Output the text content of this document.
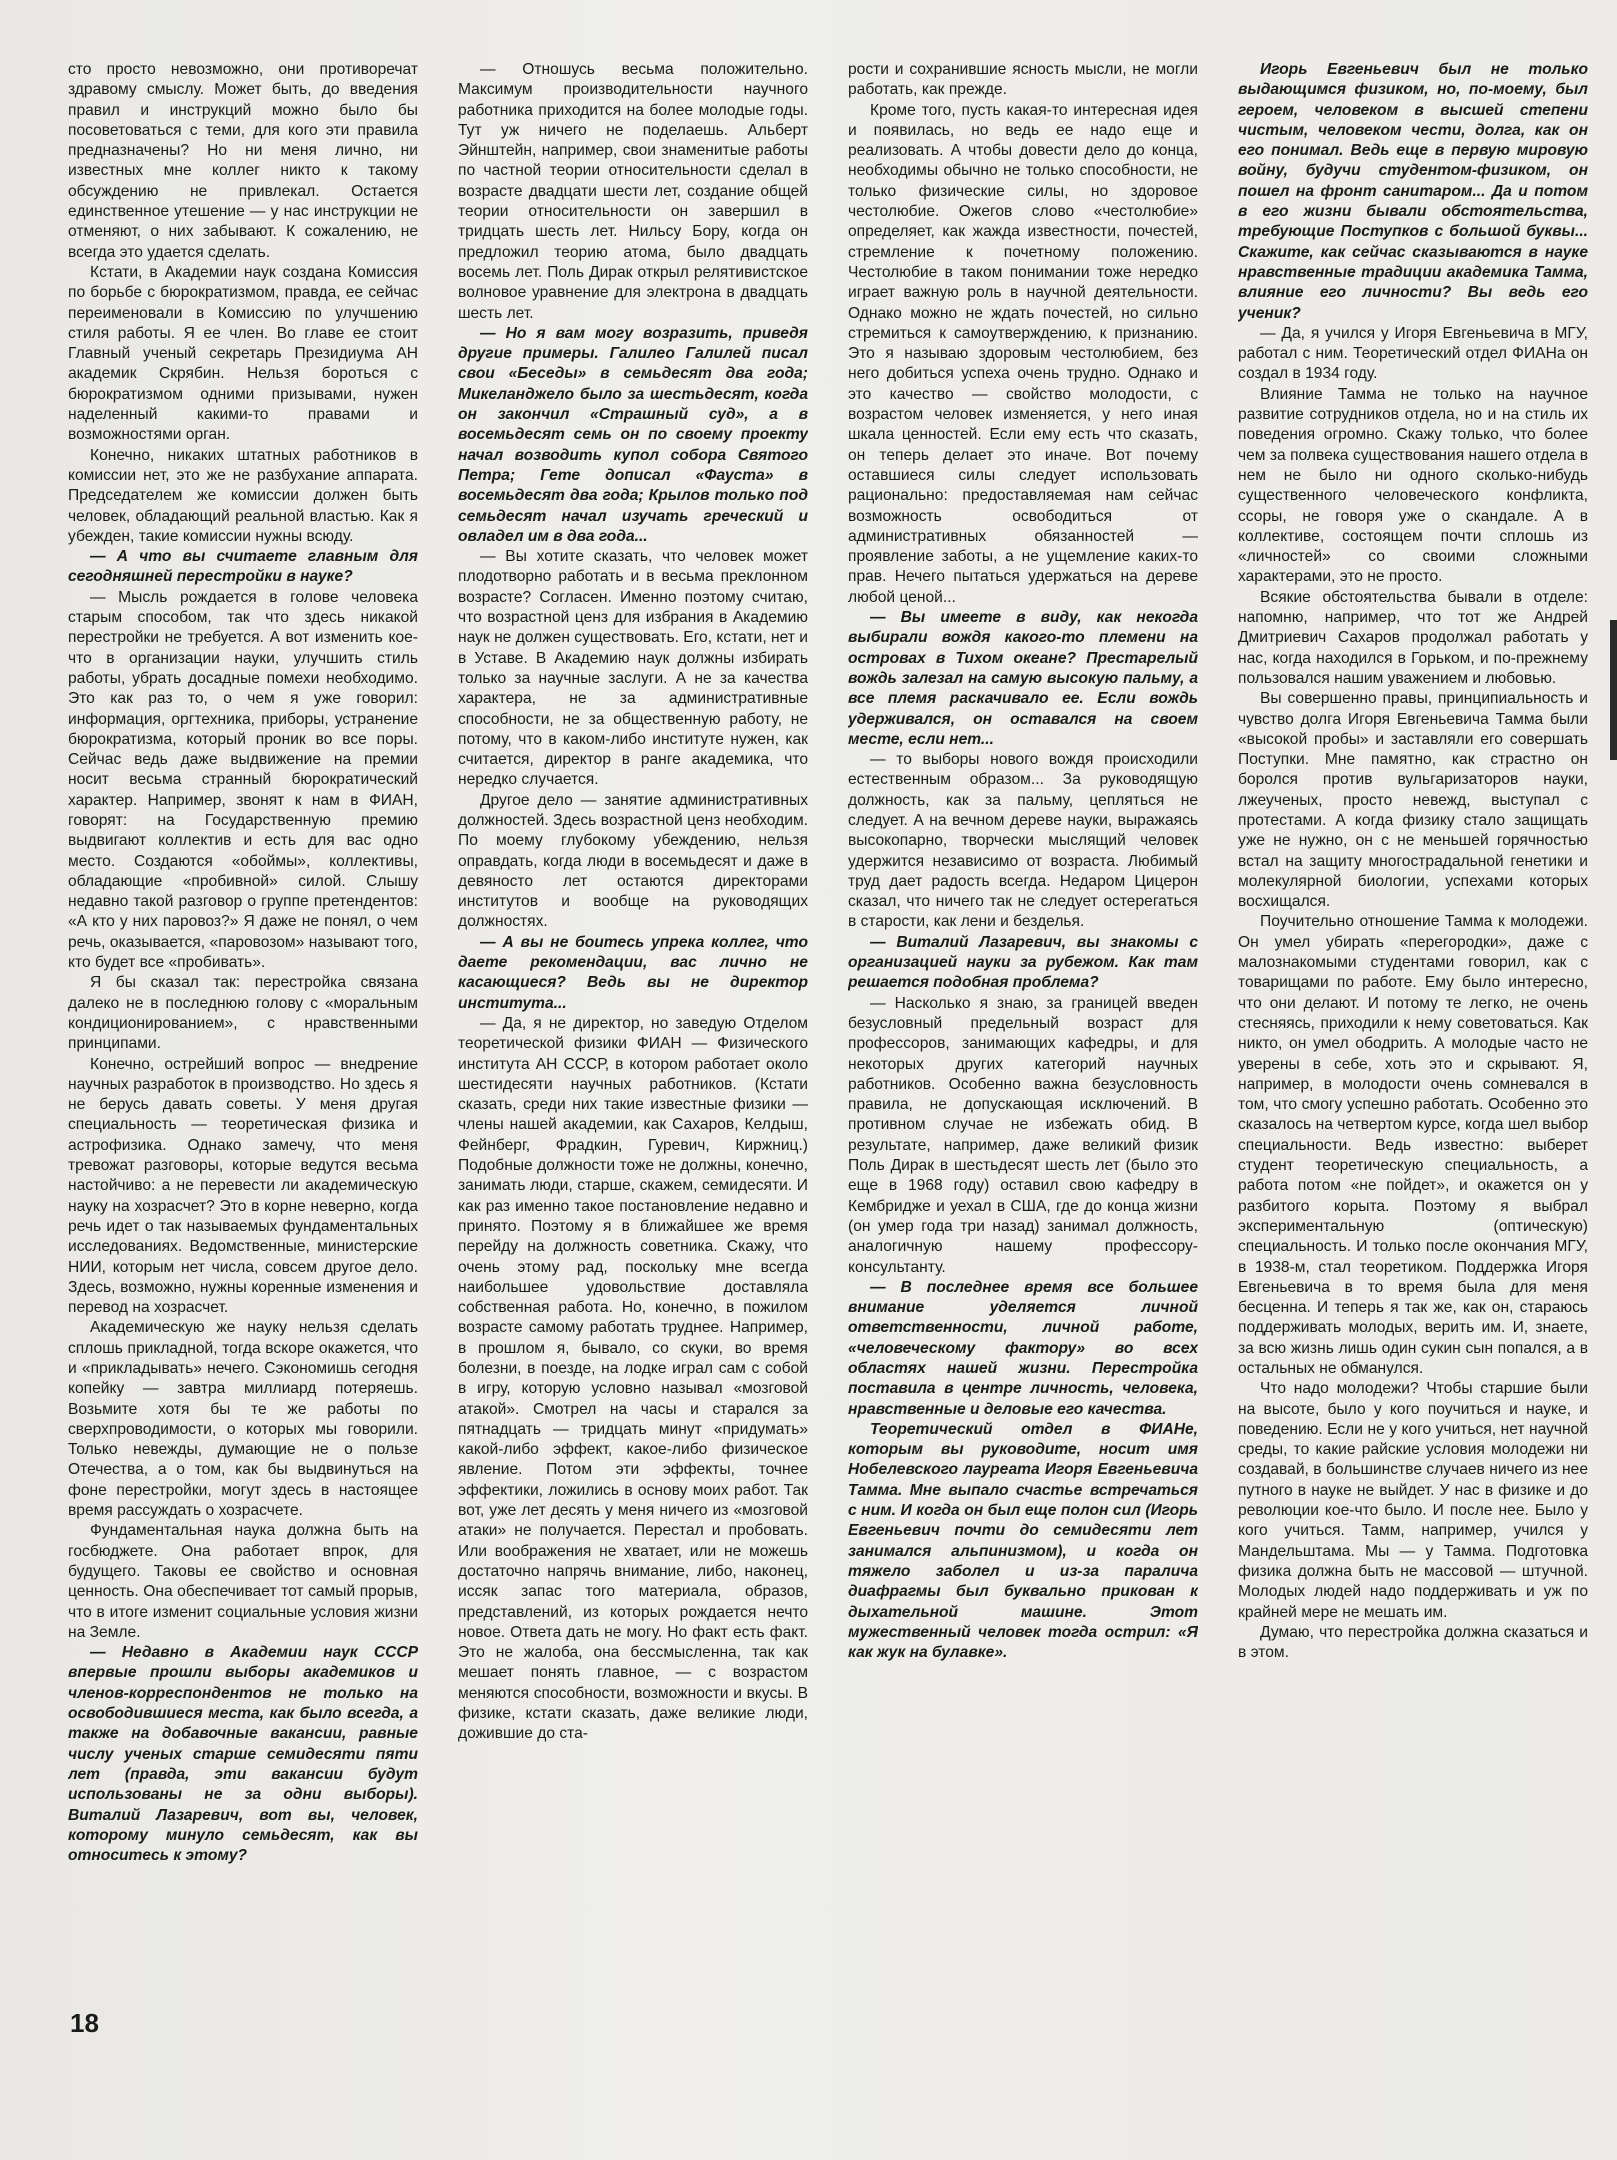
сто просто невозможно, они противоречат здравому смыслу. Может быть, до введения правил и инструкций можно было бы посоветоваться с теми, для кого эти правила предназначены? Но ни меня лично, ни известных мне коллег никто к такому обсуждению не привлекал. Остается единственное утешение — у нас инструкции не отменяют, о них забывают. К сожалению, не всегда это удается сделать.

Кстати, в Академии наук создана Комиссия по борьбе с бюрократизмом, правда, ее сейчас переименовали в Комиссию по улучшению стиля работы. Я ее член. Во главе ее стоит Главный ученый секретарь Президиума АН академик Скрябин. Нельзя бороться с бюрократизмом одними призывами, нужен наделенный какими-то правами и возможностями орган.

Конечно, никаких штатных работников в комиссии нет, это же не разбухание аппарата. Председателем же комиссии должен быть человек, обладающий реальной властью. Как я убежден, такие комиссии нужны всюду.

— А что вы считаете главным для сегодняшней перестройки в науке?

— Мысль рождается в голове человека старым способом, так что здесь никакой перестройки не требуется. А вот изменить кое-что в организации науки, улучшить стиль работы, убрать досадные помехи необходимо. Это как раз то, о чем я уже говорил: информация, оргтехника, приборы, устранение бюрократизма, который проник во все поры. Сейчас ведь даже выдвижение на премии носит весьма странный бюрократический характер. Например, звонят к нам в ФИАН, говорят: на Государственную премию выдвигают коллектив и есть для вас одно место. Создаются «обоймы», коллективы, обладающие «пробивной» силой. Слышу недавно такой разговор о группе претендентов: «А кто у них паровоз?» Я даже не понял, о чем речь, оказывается, «паровозом» называют того, кто будет все «пробивать».

Я бы сказал так: перестройка связана далеко не в последнюю голову с «моральным кондиционированием», с нравственными принципами.

Конечно, острейший вопрос — внедрение научных разработок в производство. Но здесь я не берусь давать советы. У меня другая специальность — теоретическая физика и астрофизика. Однако замечу, что меня тревожат разговоры, которые ведутся весьма настойчиво: а не перевести ли академическую науку на хозрасчет? Это в корне неверно, когда речь идет о так называемых фундаментальных исследованиях. Ведомственные, министерские НИИ, которым нет числа, совсем другое дело. Здесь, возможно, нужны коренные изменения и перевод на хозрасчет.

Академическую же науку нельзя сделать сплошь прикладной, тогда вскоре окажется, что и «прикладывать» нечего. Сэкономишь сегодня копейку — завтра миллиард потеряешь. Возьмите хотя бы те же работы по сверхпроводимости, о которых мы говорили. Только невежды, думающие не о пользе Отечества, а о том, как бы выдвинуться на фоне перестройки, могут здесь в настоящее время рассуждать о хозрасчете.

Фундаментальная наука должна быть на госбюджете. Она работает впрок, для будущего. Таковы ее свойство и основная ценность. Она обеспечивает тот самый прорыв, что в итоге изменит социальные условия жизни на Земле.

— Недавно в Академии наук СССР впервые прошли выборы академиков и членов-корреспондентов не только на освободившиеся места, как было всегда, а также на добавочные вакансии, равные числу ученых старше семидесяти пяти лет (правда, эти вакансии будут использованы не за одни выборы). Виталий Лазаревич, вот вы, человек, которому минуло семьдесят, как вы относитесь к этому?

— Отношусь весьма положительно. Максимум производительности научного работника приходится на более молодые годы. Тут уж ничего не поделаешь. Альберт Эйнштейн, например, свои знаменитые работы по частной теории относительности сделал в возрасте двадцати шести лет, создание общей теории относительности он завершил в тридцать шесть лет. Нильсу Бору, когда он предложил теорию атома, было двадцать восемь лет. Поль Дирак открыл релятивистское волновое уравнение для электрона в двадцать шесть лет.

— Но я вам могу возразить, приведя другие примеры. Галилео Галилей писал свои «Беседы» в семьдесят два года; Микеланджело было за шестьдесят, когда он закончил «Страшный суд», а в восемьдесят семь он по своему проекту начал возводить купол собора Святого Петра; Гете дописал «Фауста» в восемьдесят два года; Крылов только под семьдесят начал изучать греческий и овладел им в два года...

— Вы хотите сказать, что человек может плодотворно работать и в весьма преклонном возрасте? Согласен. Именно поэтому считаю, что возрастной ценз для избрания в Академию наук не должен существовать. Его, кстати, нет и в Уставе. В Академию наук должны избирать только за научные заслуги. А не за качества характера, не за административные способности, не за общественную работу, не потому, что в каком-либо институте нужен, как считается, директор в ранге академика, что нередко случается.

Другое дело — занятие административных должностей. Здесь возрастной ценз необходим. По моему глубокому убеждению, нельзя оправдать, когда люди в восемьдесят и даже в девяносто лет остаются директорами институтов и вообще на руководящих должностях.

— А вы не боитесь упрека коллег, что даете рекомендации, вас лично не касающиеся? Ведь вы не директор института...

— Да, я не директор, но заведую Отделом теоретической физики ФИАН — Физического института АН СССР, в котором работает около шестидесяти научных работников. (Кстати сказать, среди них такие известные физики — члены нашей академии, как Сахаров, Келдыш, Фейнберг, Фрадкин, Гуревич, Киржниц.) Подобные должности тоже не должны, конечно, занимать люди, старше, скажем, семидесяти. И как раз именно такое постановление недавно и принято. Поэтому я в ближайшее же время перейду на должность советника. Скажу, что очень этому рад, поскольку мне всегда наибольшее удовольствие доставляла собственная работа. Но, конечно, в пожилом возрасте самому работать труднее. Например, в прошлом я, бывало, со скуки, во время болезни, в поезде, на лодке играл сам с собой в игру, которую условно называл «мозговой атакой». Смотрел на часы и старался за пятнадцать — тридцать минут «придумать» какой-либо эффект, какое-либо физическое явление. Потом эти эффекты, точнее эффектики, ложились в основу моих работ. Так вот, уже лет десять у меня ничего из «мозговой атаки» не получается. Перестал и пробовать. Или воображения не хватает, или не можешь достаточно напрячь внимание, либо, наконец, иссяк запас того материала, образов, представлений, из которых рождается нечто новое. Ответа дать не могу. Но факт есть факт. Это не жалоба, она бессмысленна, так как мешает понять главное, — с возрастом меняются способности, возможности и вкусы. В физике, кстати сказать, даже великие люди, дожившие до ста-

рости и сохранившие ясность мысли, не могли работать, как прежде.

Кроме того, пусть какая-то интересная идея и появилась, но ведь ее надо еще и реализовать. А чтобы довести дело до конца, необходимы обычно не только способности, не только физические силы, но здоровое честолюбие. Ожегов слово «честолюбие» определяет, как жажда известности, почестей, стремление к почетному положению. Честолюбие в таком понимании тоже нередко играет важную роль в научной деятельности. Однако можно не ждать почестей, но сильно стремиться к самоутверждению, к признанию. Это я называю здоровым честолюбием, без него добиться успеха очень трудно. Однако и это качество — свойство молодости, с возрастом человек изменяется, у него иная шкала ценностей. Если ему есть что сказать, он теперь делает это иначе. Вот почему оставшиеся силы следует использовать рационально: предоставляемая нам сейчас возможность освободиться от административных обязанностей — проявление заботы, а не ущемление каких-то прав. Нечего пытаться удержаться на дереве любой ценой...

— Вы имеете в виду, как некогда выбирали вождя какого-то племени на островах в Тихом океане? Престарелый вождь залезал на самую высокую пальму, а все племя раскачивало ее. Если вождь удерживался, он оставался на своем месте, если нет...

— то выборы нового вождя происходили естественным образом... За руководящую должность, как за пальму, цепляться не следует. А на вечном дереве науки, выражаясь высокопарно, творчески мыслящий человек удержится независимо от возраста. Любимый труд дает радость всегда. Недаром Цицерон сказал, что ничего так не следует остерегаться в старости, как лени и безделья.

— Виталий Лазаревич, вы знакомы с организацией науки за рубежом. Как там решается подобная проблема?

— Насколько я знаю, за границей введен безусловный предельный возраст для профессоров, занимающих кафедры, и для некоторых других категорий научных работников. Особенно важна безусловность правила, не допускающая исключений. В противном случае не избежать обид. В результате, например, даже великий физик Поль Дирак в шестьдесят шесть лет (было это еще в 1968 году) оставил свою кафедру в Кембридже и уехал в США, где до конца жизни (он умер года три назад) занимал должность, аналогичную нашему профессору-консультанту.

— В последнее время все большее внимание уделяется личной ответственности, личной работе, «человеческому фактору» во всех областях нашей жизни. Перестройка поставила в центре личность, человека, нравственные и деловые его качества.

Теоретический отдел в ФИАНе, которым вы руководите, носит имя Нобелевского лауреата Игоря Евгеньевича Тамма. Мне выпало счастье встречаться с ним. И когда он был еще полон сил (Игорь Евгеньевич почти до семидесяти лет занимался альпинизмом), и когда он тяжело заболел и из-за паралича диафрагмы был буквально прикован к дыхательной машине. Этот мужественный человек тогда острил: «Я как жук на булавке».

Игорь Евгеньевич был не только выдающимся физиком, но, по-моему, был героем, человеком в высшей степени чистым, человеком чести, долга, как он его понимал. Ведь еще в первую мировую войну, будучи студентом-физиком, он пошел на фронт санитаром... Да и потом в его жизни бывали обстоятельства, требующие Поступков с большой буквы... Скажите, как сейчас сказываются в науке нравственные традиции академика Тамма, влияние его личности? Вы ведь его ученик?

— Да, я учился у Игоря Евгеньевича в МГУ, работал с ним. Теоретический отдел ФИАНа он создал в 1934 году.

Влияние Тамма не только на научное развитие сотрудников отдела, но и на стиль их поведения огромно. Скажу только, что более чем за полвека существования нашего отдела в нем не было ни одного сколько-нибудь существенного человеческого конфликта, ссоры, не говоря уже о скандале. А в коллективе, состоящем почти сплошь из «личностей» со своими сложными характерами, это не просто.

Всякие обстоятельства бывали в отделе: напомню, например, что тот же Андрей Дмитриевич Сахаров продолжал работать у нас, когда находился в Горьком, и по-прежнему пользовался нашим уважением и любовью.

Вы совершенно правы, принципиальность и чувство долга Игоря Евгеньевича Тамма были «высокой пробы» и заставляли его совершать Поступки. Мне памятно, как страстно он боролся против вульгаризаторов науки, лжеученых, просто невежд, выступал с протестами. А когда физику стало защищать уже не нужно, он с не меньшей горячностью встал на защиту многострадальной генетики и молекулярной биологии, успехами которых восхищался.

Поучительно отношение Тамма к молодежи. Он умел убирать «перегородки», даже с малознакомыми студентами говорил, как с товарищами по работе. Ему было интересно, что они делают. И потому те легко, не очень стесняясь, приходили к нему советоваться. Как никто, он умел ободрить. А молодые часто не уверены в себе, хоть это и скрывают. Я, например, в молодости очень сомневался в том, что смогу успешно работать. Особенно это сказалось на четвертом курсе, когда шел выбор специальности. Ведь известно: выберет студент теоретическую специальность, а работа потом «не пойдет», и окажется он у разбитого корыта. Поэтому я выбрал экспериментальную (оптическую) специальность. И только после окончания МГУ, в 1938-м, стал теоретиком. Поддержка Игоря Евгеньевича в то время была для меня бесценна. И теперь я так же, как он, стараюсь поддерживать молодых, верить им. И, знаете, за всю жизнь лишь один сукин сын попался, а в остальных не обманулся.

Что надо молодежи? Чтобы старшие были на высоте, было у кого поучиться и науке, и поведению. Если не у кого учиться, нет научной среды, то какие райские условия молодежи ни создавай, в большинстве случаев ничего из нее путного в науке не выйдет. У нас в физике и до революции кое-что было. И после нее. Было у кого учиться. Тамм, например, учился у Мандельштама. Мы — у Тамма. Подготовка физика должна быть не массовой — штучной. Молодых людей надо поддерживать и уж по крайней мере не мешать им.

Думаю, что перестройка должна сказаться и в этом.

18
